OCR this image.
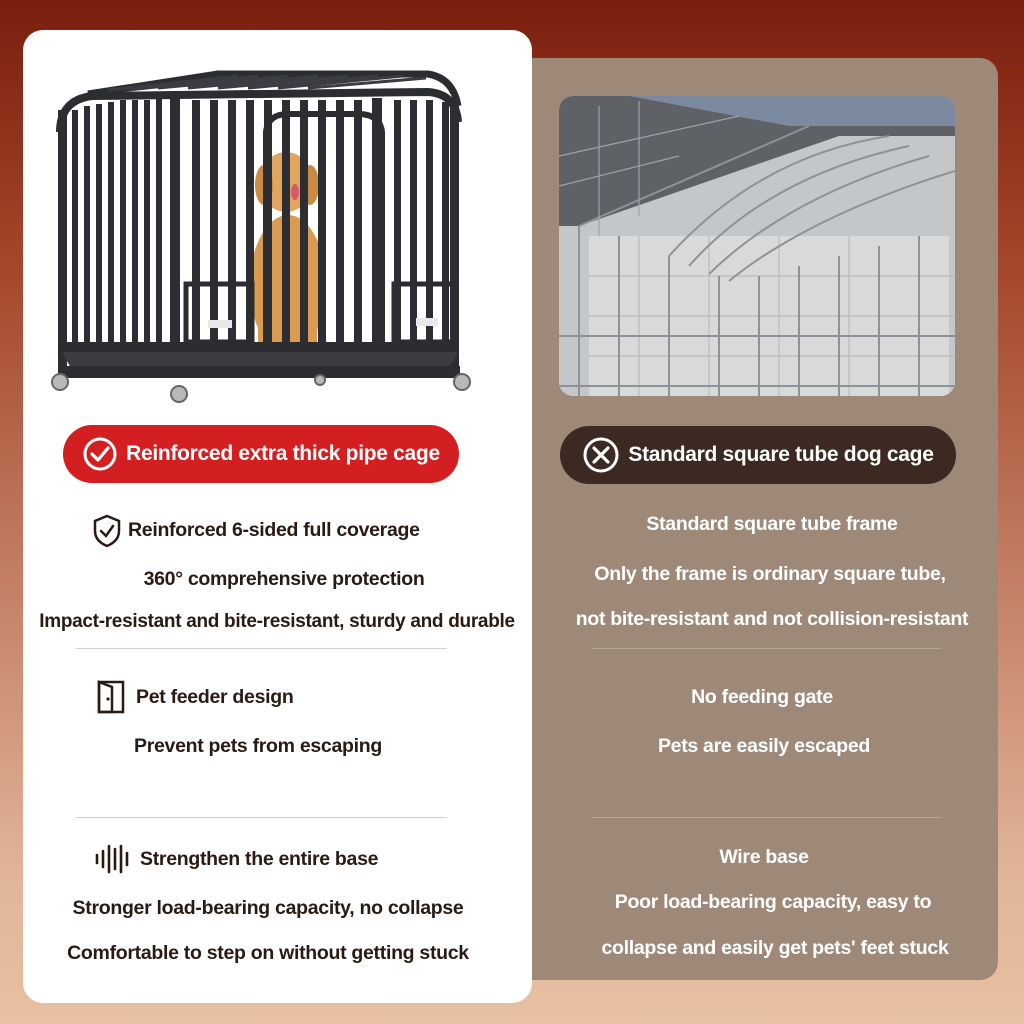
Reinforced extra thick pipe cage
Reinforced 6-sided full coverage
360° comprehensive protection
Impact-resistant and bite-resistant, sturdy and durable
Pet feeder design
Prevent pets from escaping
Strengthen the entire base
Stronger load-bearing capacity, no collapse
Comfortable to step on without getting stuck
Standard square tube dog cage
Standard square tube frame
Only the frame is ordinary square tube,
not bite-resistant and not collision-resistant
No feeding gate
Pets are easily escaped
Wire base
Poor load-bearing capacity, easy to
collapse and easily get pets' feet stuck
